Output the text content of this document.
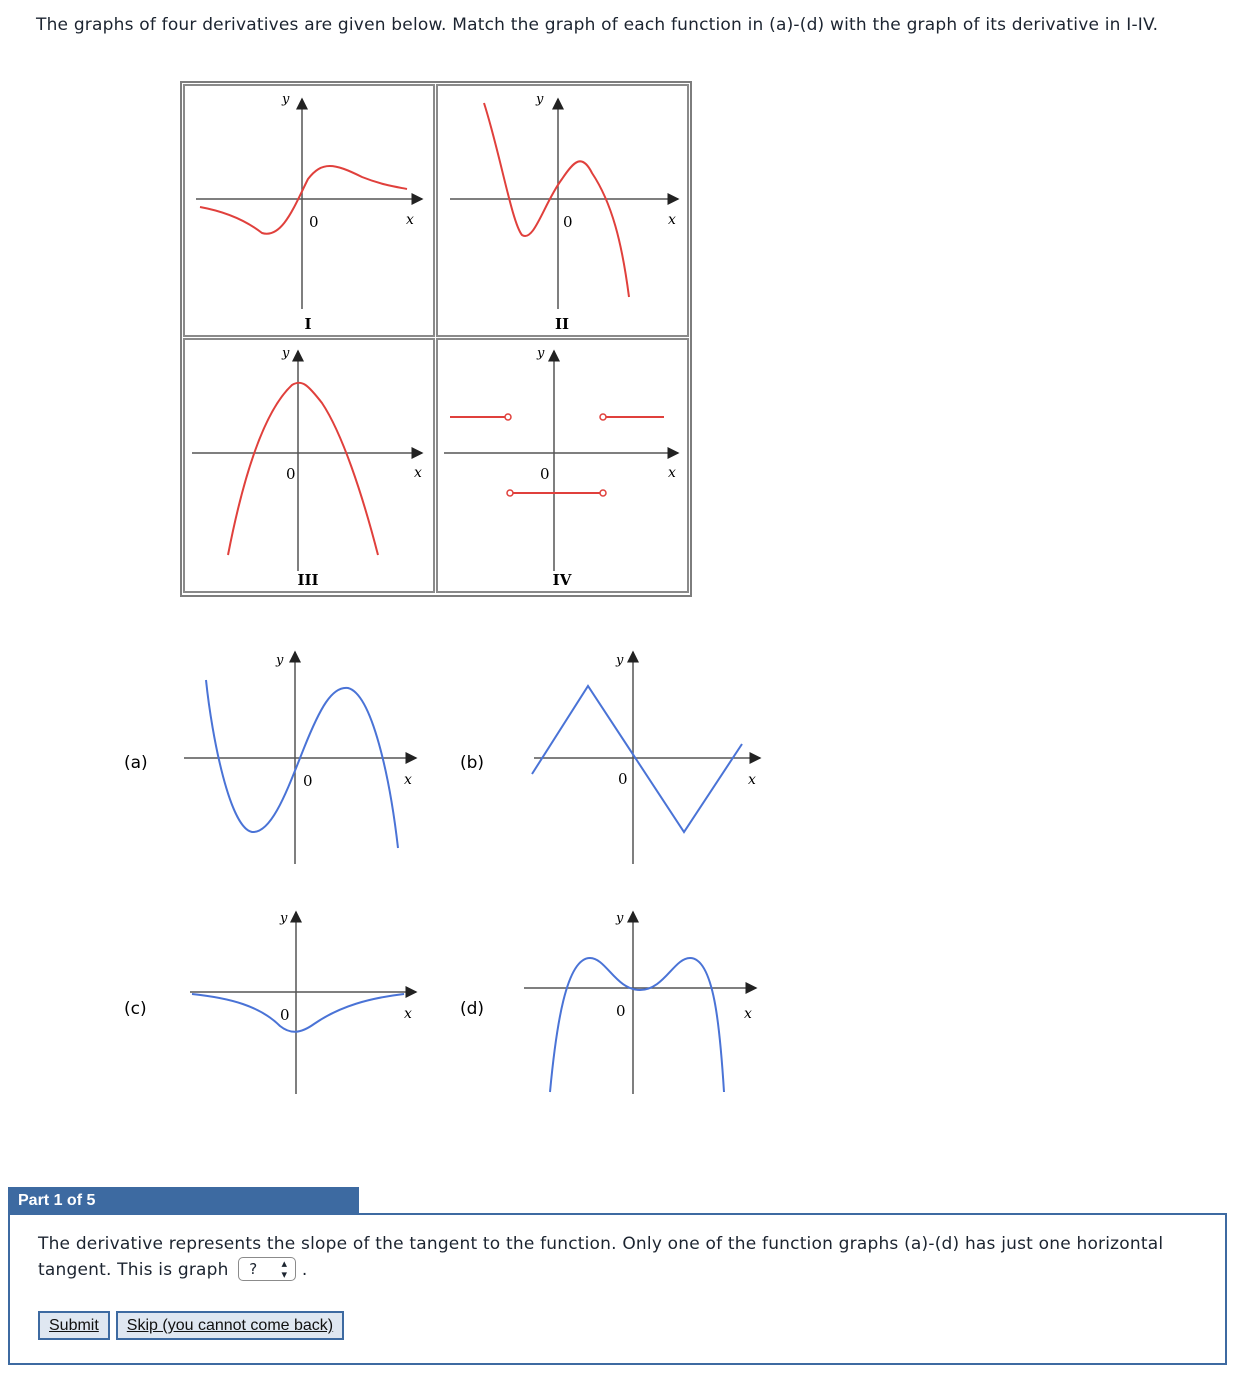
The graphs of four derivatives are given below. Match the graph of each function in (a)-(d) with the graph of its derivative in I-IV.
0	x
y
I
0	x
y
II
0	x
y
III
0	x
y
IV
(a)
0	x
y
(b)
0	x
y
(c)	0	x
y
(d)	0	x
y
Part 1 of 5
The derivative represents the slope of the tangent to the function. Only one of the function graphs (a)-(d) has just one horizontal tangent. This is graph ? ▴
▾ .
Submit	Skip (you cannot come back)
